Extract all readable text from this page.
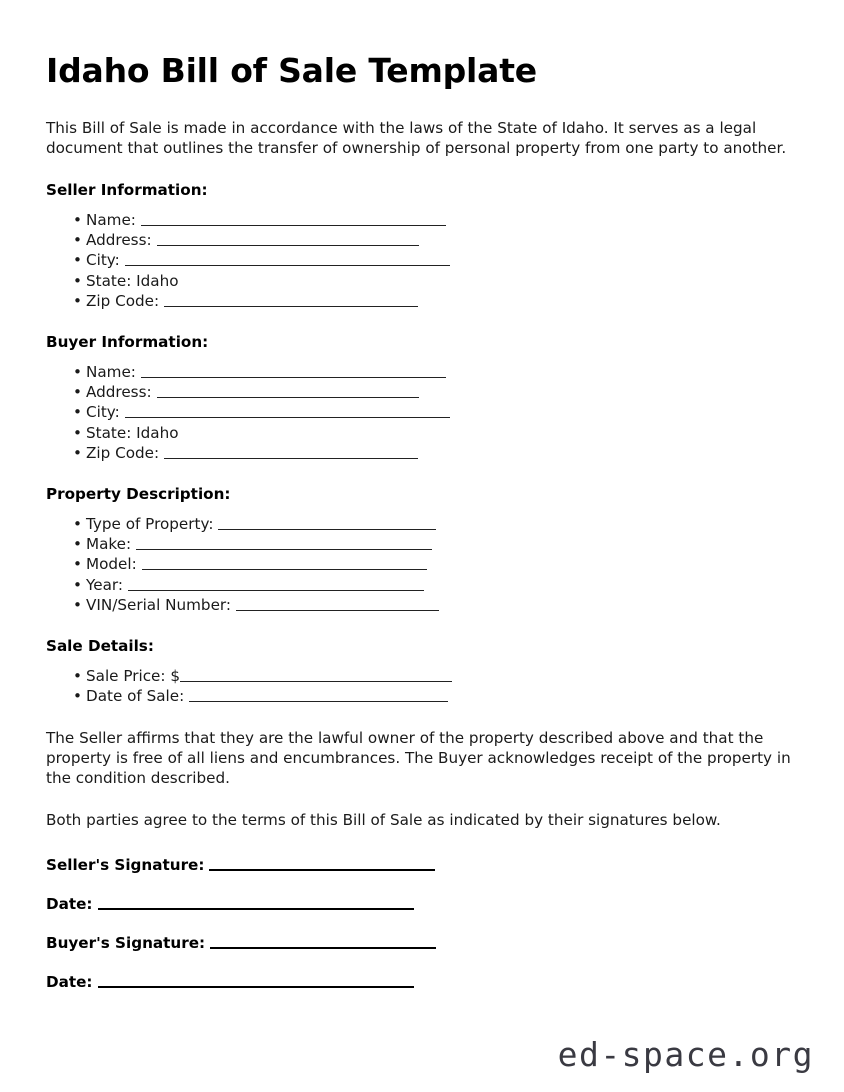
Idaho Bill of Sale Template

This Bill of Sale is made in accordance with the laws of the State of Idaho. It serves as a legal document that outlines the transfer of ownership of personal property from one party to another.

Seller Information:
• Name:
• Address:
• City:
• State: Idaho
• Zip Code:
Buyer Information:
• Name:
• Address:
• City:
• State: Idaho
• Zip Code:
Property Description:
• Type of Property:
• Make:
• Model:
• Year:
• VIN/Serial Number:
Sale Details:
• Sale Price: $
• Date of Sale:

The Seller affirms that they are the lawful owner of the property described above and that the property is free of all liens and encumbrances. The Buyer acknowledges receipt of the property in the condition described.

Both parties agree to the terms of this Bill of Sale as indicated by their signatures below.

Seller's Signature:
Date:
Buyer's Signature:
Date:
ed-space.org
